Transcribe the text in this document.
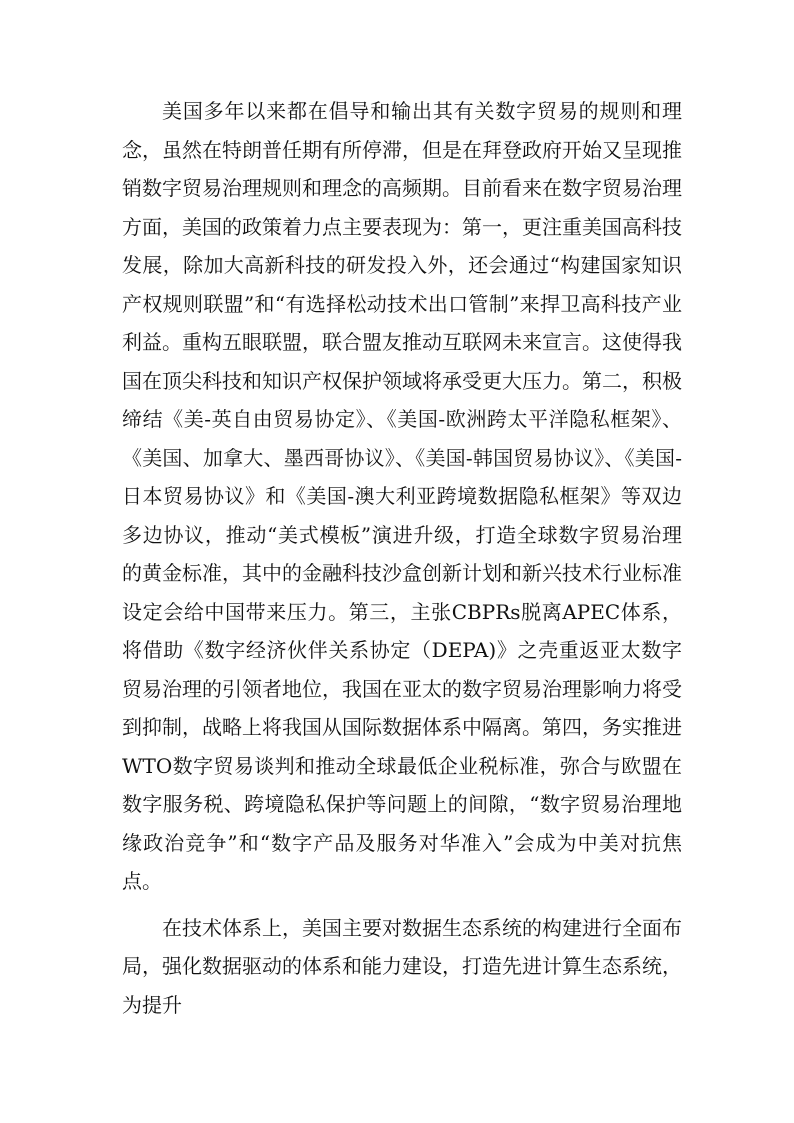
美国多年以来都在倡导和输出其有关数字贸易的规则和理念，虽然在特朗普任期有所停滞，但是在拜登政府开始又呈现推销数字贸易治理规则和理念的高频期。目前看来在数字贸易治理方面，美国的政策着力点主要表现为：第一，更注重美国高科技发展，除加大高新科技的研发投入外，还会通过“构建国家知识产权规则联盟”和“有选择松动技术出口管制”来捍卫高科技产业利益。重构五眼联盟，联合盟友推动互联网未来宣言。这使得我国在顶尖科技和知识产权保护领域将承受更大压力。第二，积极缔结《美-英自由贸易协定》、《美国-欧洲跨太平洋隐私框架》、《美国、加拿大、墨西哥协议》、《美国-韩国贸易协议》、《美国-日本贸易协议》和《美国-澳大利亚跨境数据隐私框架》等双边多边协议，推动“美式模板”演进升级，打造全球数字贸易治理的黄金标准，其中的金融科技沙盒创新计划和新兴技术行业标准设定会给中国带来压力。第三，主张CBPRs脱离APEC体系，将借助《数字经济伙伴关系协定（DEPA)》之壳重返亚太数字贸易治理的引领者地位，我国在亚太的数字贸易治理影响力将受到抑制，战略上将我国从国际数据体系中隔离。第四，务实推进WTO数字贸易谈判和推动全球最低企业税标准，弥合与欧盟在数字服务税、跨境隐私保护等问题上的间隙，“数字贸易治理地缘政治竞争”和“数字产品及服务对华准入”会成为中美对抗焦点。

在技术体系上，美国主要对数据生态系统的构建进行全面布局，强化数据驱动的体系和能力建设，打造先进计算生态系统，为提升
